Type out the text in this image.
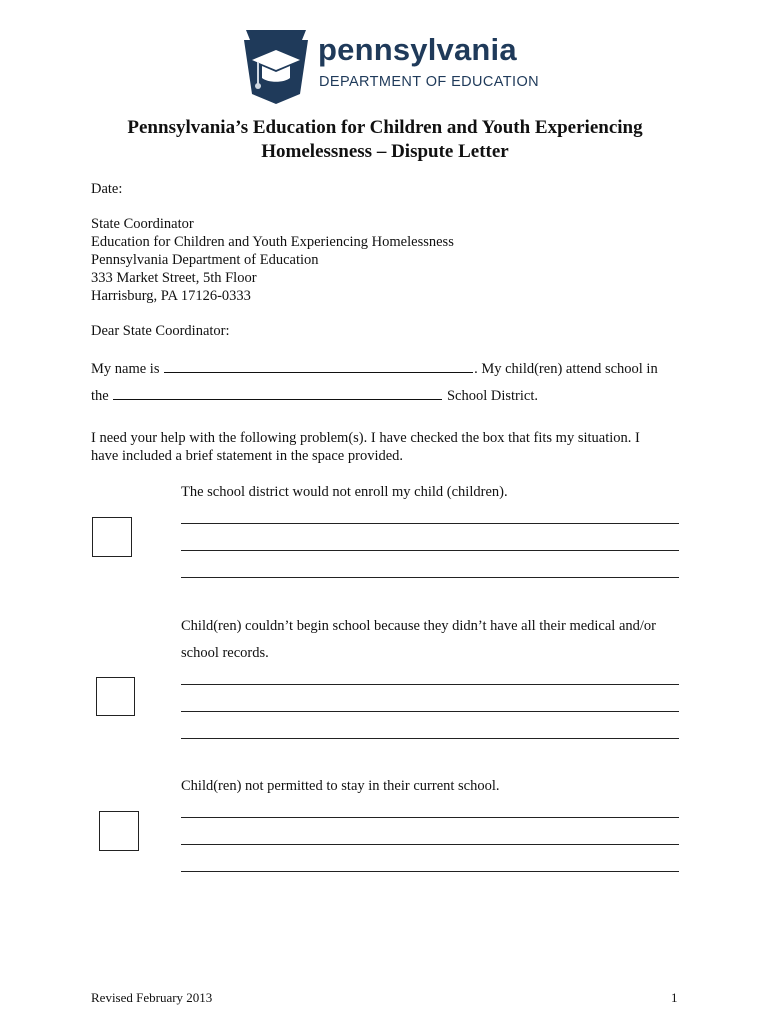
pennsylvania
DEPARTMENT OF EDUCATION
Pennsylvania’s Education for Children and Youth Experiencing
Homelessness – Dispute Letter
Date:
State Coordinator
Education for Children and Youth Experiencing Homelessness
Pennsylvania Department of Education
333 Market Street, 5th Floor
Harrisburg, PA 17126-0333
Dear State Coordinator:
My name is	. My child(ren) attend school in
the	School District.
I need your help with the following problem(s). I have checked the box that fits my situation. I
have included a brief statement in the space provided.
The school district would not enroll my child (children).
Child(ren) couldn’t begin school because they didn’t have all their medical and/or
school records.
Child(ren) not permitted to stay in their current school.
Revised February 2013	1
